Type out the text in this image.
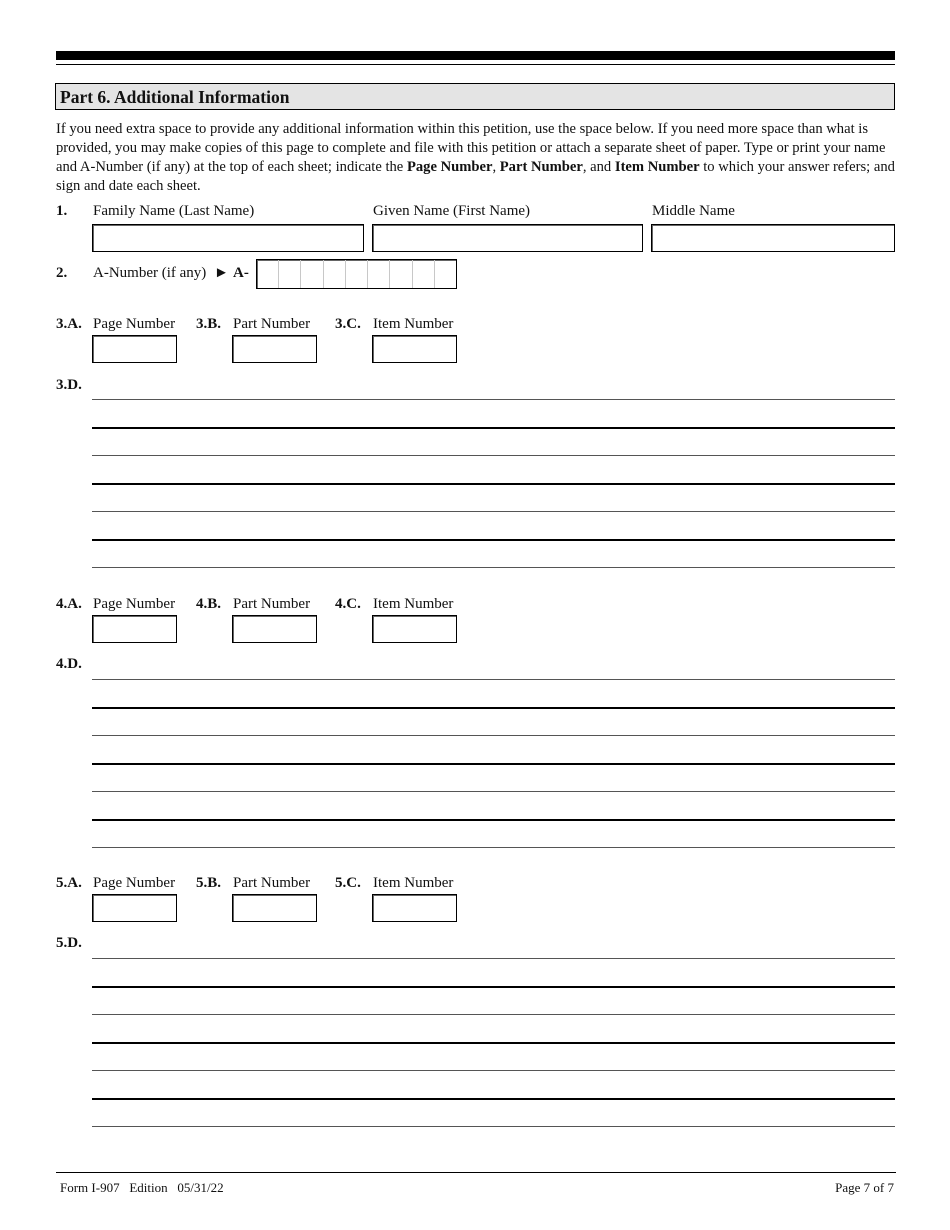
Part 6. Additional Information
If you need extra space to provide any additional information within this petition, use the space below. If you need more space than what is provided, you may make copies of this page to complete and file with this petition or attach a separate sheet of paper. Type or print your name and A-Number (if any) at the top of each sheet; indicate the Page Number, Part Number, and Item Number to which your answer refers; and sign and date each sheet.
1. Family Name (Last Name)	Given Name (First Name)	Middle Name
2. A-Number (if any) ► A-
3.A. Page Number 3.B. Part Number 3.C. Item Number
3.D.
4.A. Page Number 4.B. Part Number 4.C. Item Number
4.D.
5.A. Page Number 5.B. Part Number 5.C. Item Number
5.D.
Form I-907   Edition   05/31/22	Page 7 of 7
